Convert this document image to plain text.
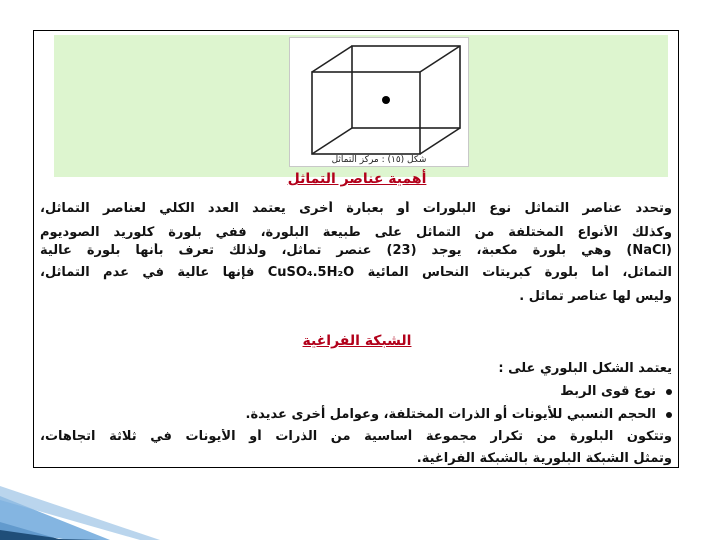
شكل (١٥) : مركز التماثل
أهمية عناصر التماثل
وتحدد عناصر التماثل نوع البلورات أو بعبارة أخرى يعتمد العدد الكلي لعناصر التماثل،
وكذلك الأنواع المختلفة من التماثل على طبيعة البلورة، ففي بلورة كلوريد الصوديوم
(NaCl) وهي بلورة مكعبة، يوجد (23) عنصر تماثل، ولذلك تعرف بأنها بلورة عالية
التماثل، أما بلورة كبريتات النحاس المائية CuSO₄.5H₂O فإنها عالية في عدم التماثل،
وليس لها عناصر تماثل .
الشبكة الفراغية
يعتمد الشكل البلوري على :
نوع قوى الربط
الحجم النسبي للأيونات أو الذرات المختلفة، وعوامل أخرى عديدة.
وتتكون البلورة من تكرار مجموعة أساسية من الذرات أو الأيونات في ثلاثة اتجاهات،
وتمثل الشبكة البلورية بالشبكة الفراغية.
